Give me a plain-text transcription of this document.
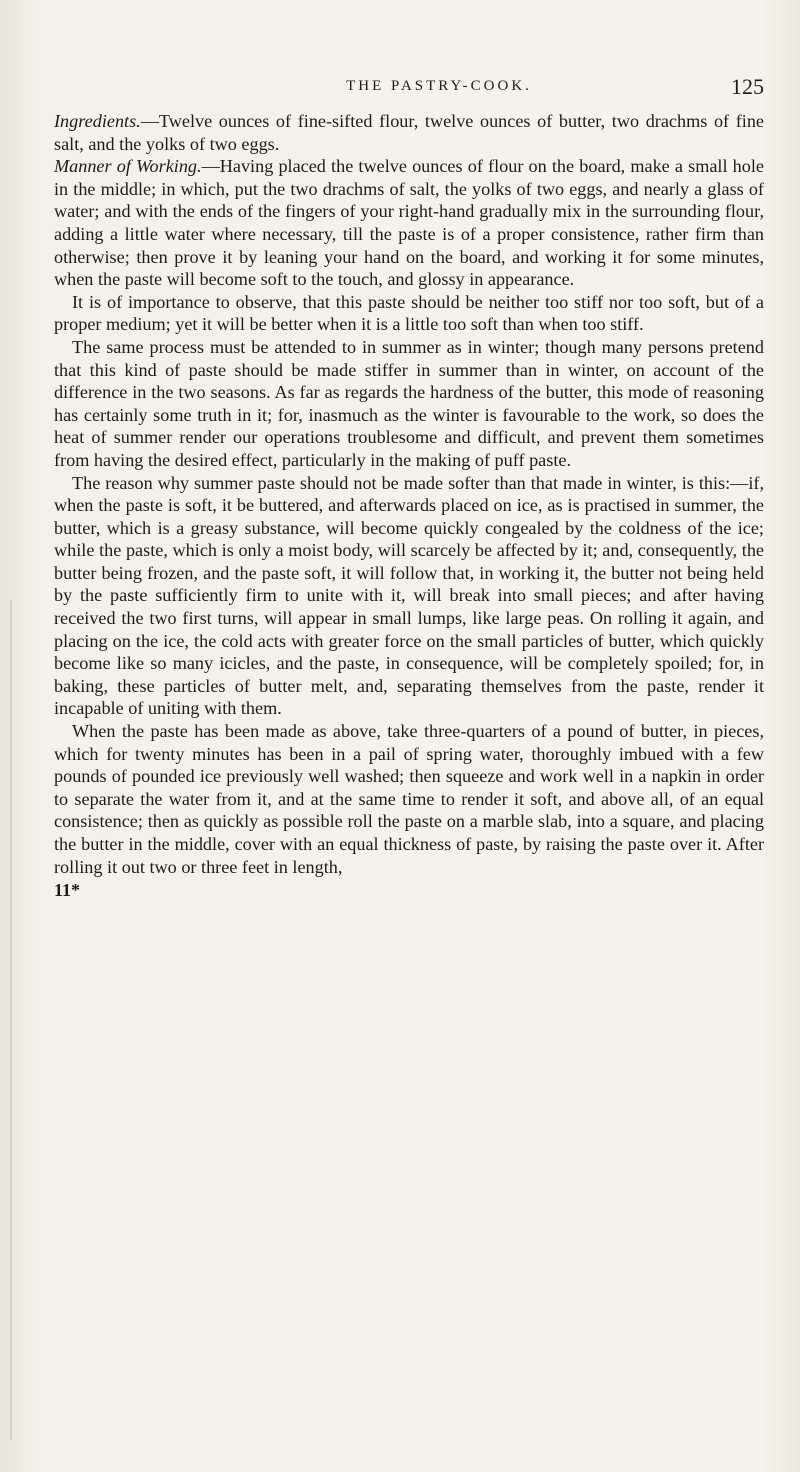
THE PASTRY-COOK.	125

Ingredients.—Twelve ounces of fine-sifted flour, twelve ounces of butter, two drachms of fine salt, and the yolks of two eggs.

Manner of Working.—Having placed the twelve ounces of flour on the board, make a small hole in the middle; in which, put the two drachms of salt, the yolks of two eggs, and nearly a glass of water; and with the ends of the fingers of your right-hand gradually mix in the surrounding flour, adding a little water where necessary, till the paste is of a proper consistence, rather firm than otherwise; then prove it by leaning your hand on the board, and working it for some minutes, when the paste will become soft to the touch, and glossy in appearance.

It is of importance to observe, that this paste should be neither too stiff nor too soft, but of a proper medium; yet it will be better when it is a little too soft than when too stiff.

The same process must be attended to in summer as in winter; though many persons pretend that this kind of paste should be made stiffer in summer than in winter, on account of the difference in the two seasons. As far as regards the hardness of the butter, this mode of reasoning has certainly some truth in it; for, inasmuch as the winter is favourable to the work, so does the heat of summer render our operations troublesome and difficult, and prevent them sometimes from having the desired effect, particularly in the making of puff paste.

The reason why summer paste should not be made softer than that made in winter, is this:—if, when the paste is soft, it be buttered, and afterwards placed on ice, as is practised in summer, the butter, which is a greasy substance, will become quickly congealed by the coldness of the ice; while the paste, which is only a moist body, will scarcely be affected by it; and, consequently, the butter being frozen, and the paste soft, it will follow that, in working it, the butter not being held by the paste sufficiently firm to unite with it, will break into small pieces; and after having received the two first turns, will appear in small lumps, like large peas. On rolling it again, and placing on the ice, the cold acts with greater force on the small particles of butter, which quickly become like so many icicles, and the paste, in consequence, will be completely spoiled; for, in baking, these particles of butter melt, and, separating themselves from the paste, render it incapable of uniting with them.

When the paste has been made as above, take three-quarters of a pound of butter, in pieces, which for twenty minutes has been in a pail of spring water, thoroughly imbued with a few pounds of pounded ice previously well washed; then squeeze and work well in a napkin in order to separate the water from it, and at the same time to render it soft, and above all, of an equal consistence; then as quickly as possible roll the paste on a marble slab, into a square, and placing the butter in the middle, cover with an equal thickness of paste, by raising the paste over it. After rolling it out two or three feet in length,

11*
